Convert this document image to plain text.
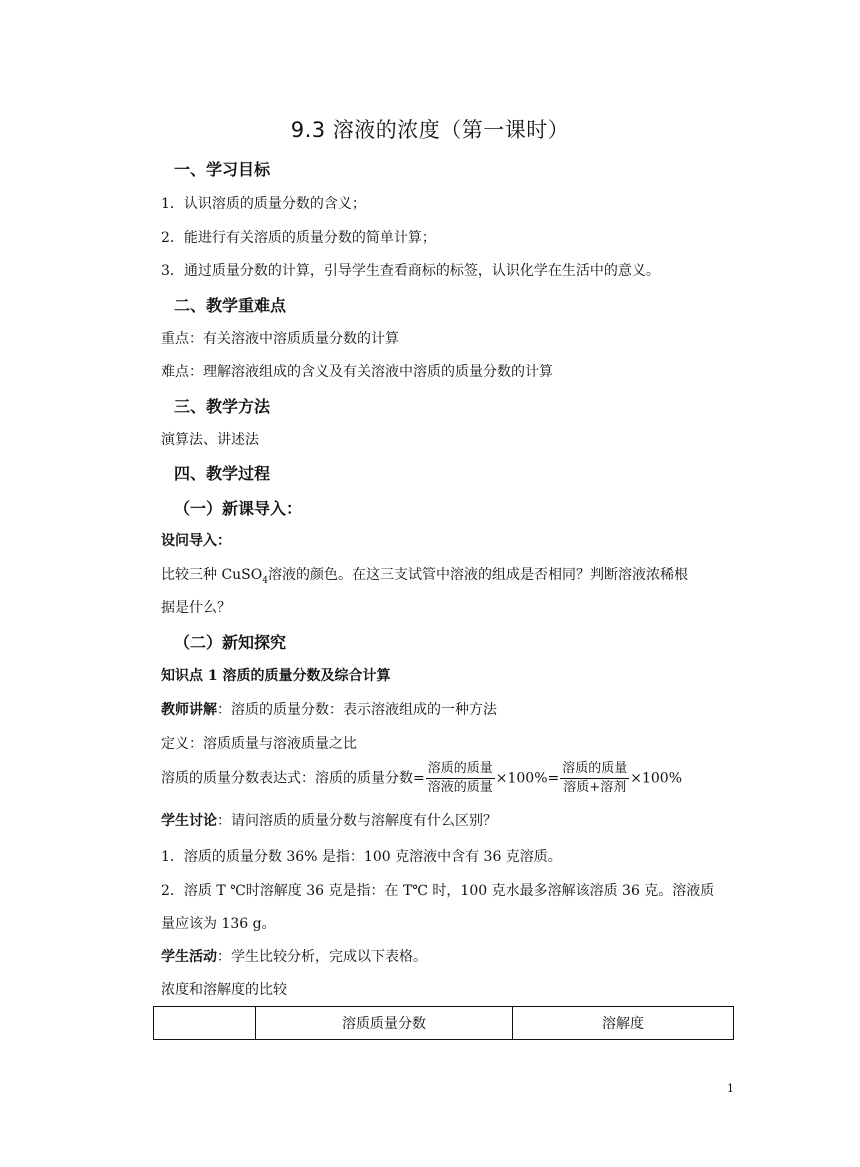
9.3 溶液的浓度（第一课时）
一、学习目标
1．认识溶质的质量分数的含义；
2．能进行有关溶质的质量分数的简单计算；
3．通过质量分数的计算，引导学生查看商标的标签，认识化学在生活中的意义。
二、教学重难点
重点：有关溶液中溶质质量分数的计算
难点：理解溶液组成的含义及有关溶液中溶质的质量分数的计算
三、教学方法
演算法、讲述法
四、教学过程
（一）新课导入：
设问导入：
比较三种 CuSO$_4$溶液的颜色。在这三支试管中溶液的组成是否相同？判断溶液浓稀根
据是什么？
（二）新知探究
知识点 1 溶质的质量分数及综合计算
教师讲解：溶质的质量分数：表示溶液组成的一种方法
定义：溶质质量与溶液质量之比
溶质的质量分数表达式：溶质的质量分数= $\frac{\text{溶质的质量}}{\text{溶液的质量}} \times 100\%= \frac{\text{溶质的质量}}{\text{溶质+溶剂}} \times 100\%$
学生讨论：请问溶质的质量分数与溶解度有什么区别？
1．溶质的质量分数 36% 是指：100 克溶液中含有 36 克溶质。
2．溶质 T ℃时溶解度 36 克是指：在 T℃ 时，100 克水最多溶解该溶质 36 克。溶液质
量应该为 136 g。
学生活动：学生比较分析，完成以下表格。
浓度和溶解度的比较
	溶质质量分数	溶解度
1
